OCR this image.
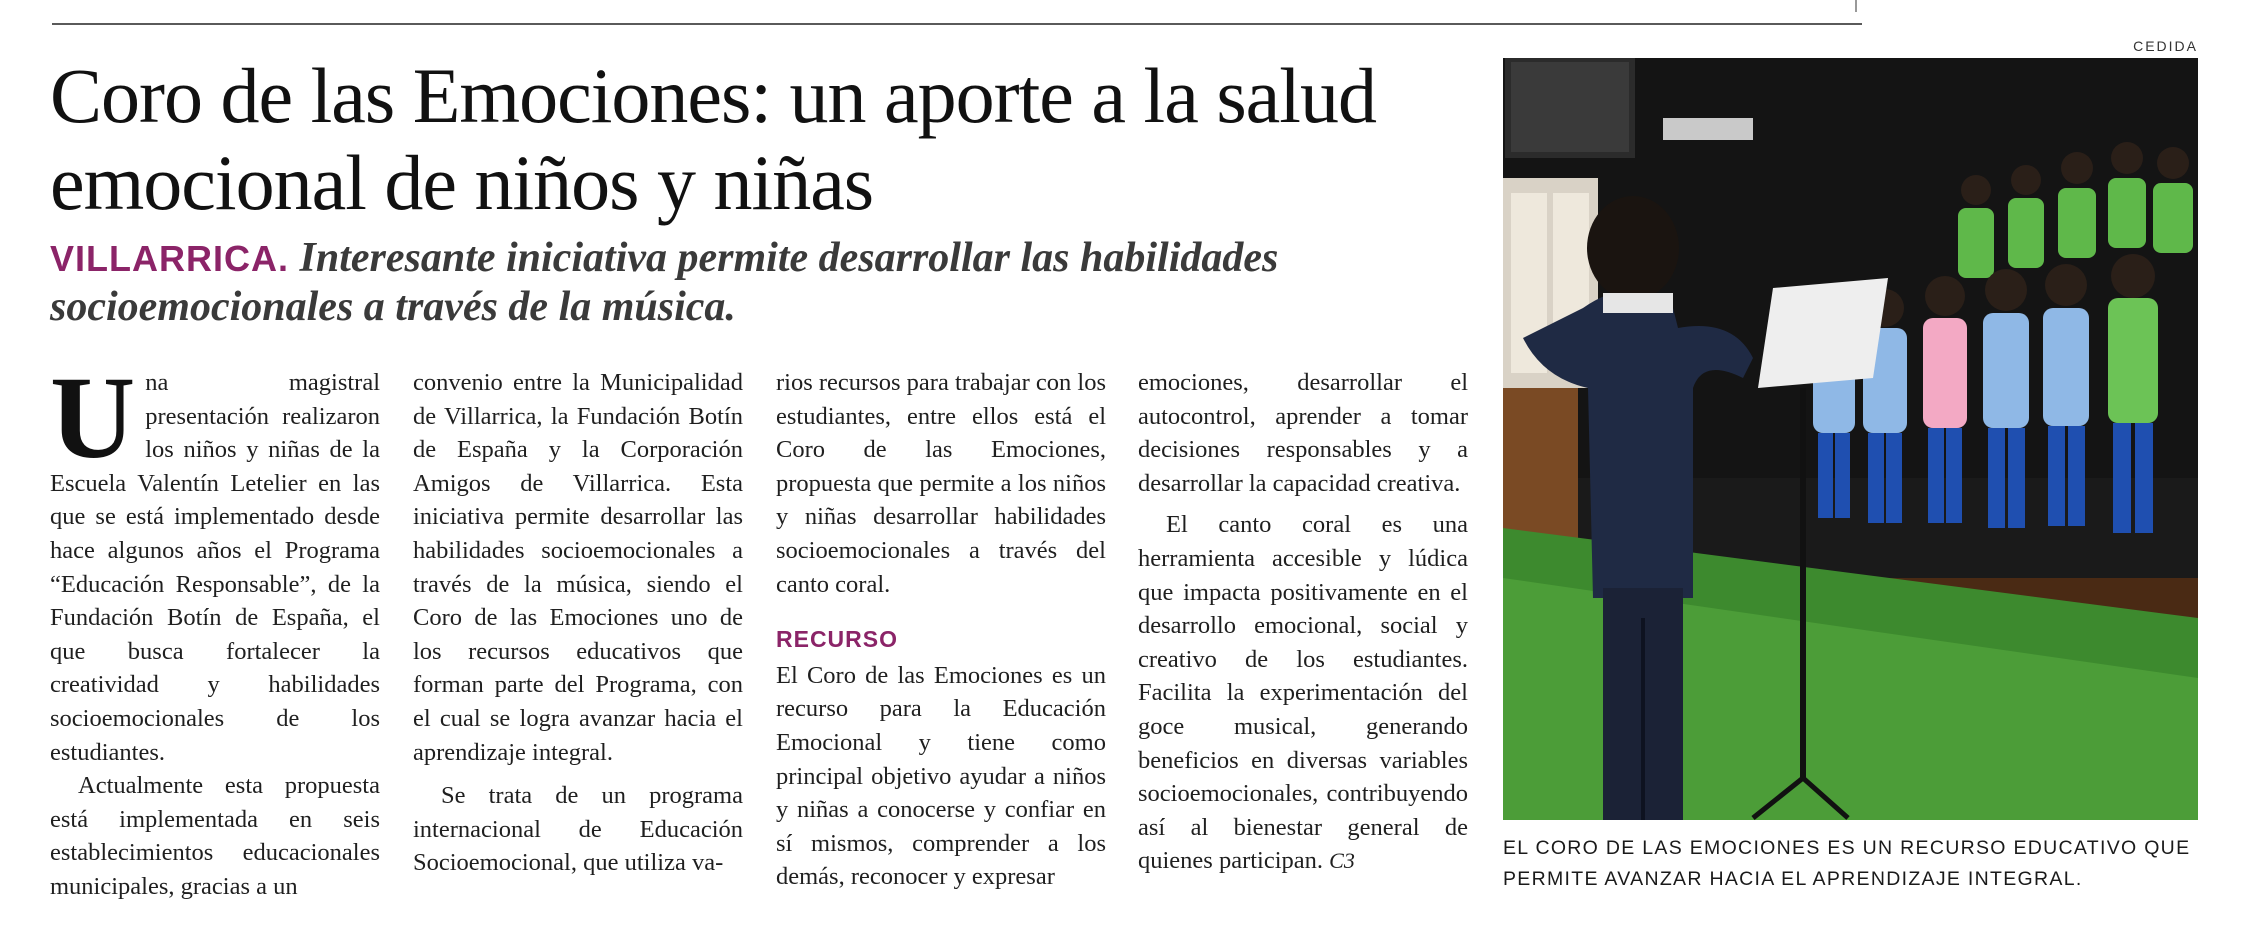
Coro de las Emociones: un aporte a la salud emocional de niños y niñas
VILLARRICA. Interesante iniciativa permite desarrollar las habilidades socioemocionales a través de la música.

Una magistral presentación realizaron los niños y niñas de la Escuela Valentín Letelier en las que se está implementado desde hace algunos años el Programa “Educación Responsable”, de la Fundación Botín de España, el que busca fortalecer la creatividad y habilidades socioemocionales de los estudiantes.

Actualmente esta propuesta está implementada en seis establecimientos educacionales municipales, gracias a un

convenio entre la Municipalidad de Villarrica, la Fundación Botín de España y la Corporación Amigos de Villarrica. Esta iniciativa permite desarrollar las habilidades socioemocionales a través de la música, siendo el Coro de las Emociones uno de los recursos educativos que forman parte del Programa, con el cual se logra avanzar hacia el aprendizaje integral.

Se trata de un programa internacional de Educación Socioemocional, que utiliza va-

rios recursos para trabajar con los estudiantes, entre ellos está el Coro de las Emociones, propuesta que permite a los niños y niñas desarrollar habilidades socioemocionales a través del canto coral.

RECURSO

El Coro de las Emociones es un recurso para la Educación Emocional y tiene como principal objetivo ayudar a niños y niñas a conocerse y confiar en sí mismos, comprender a los demás, reconocer y expresar

emociones, desarrollar el autocontrol, aprender a tomar decisiones responsables y a desarrollar la capacidad creativa.

El canto coral es una herramienta accesible y lúdica que impacta positivamente en el desarrollo emocional, social y creativo de los estudiantes. Facilita la experimentación del goce musical, generando beneficios en diversas variables socioemocionales, contribuyendo así al bienestar general de quienes participan. C3

CEDIDA
EL CORO DE LAS EMOCIONES ES UN RECURSO EDUCATIVO QUE PERMITE AVANZAR HACIA EL APRENDIZAJE INTEGRAL.
